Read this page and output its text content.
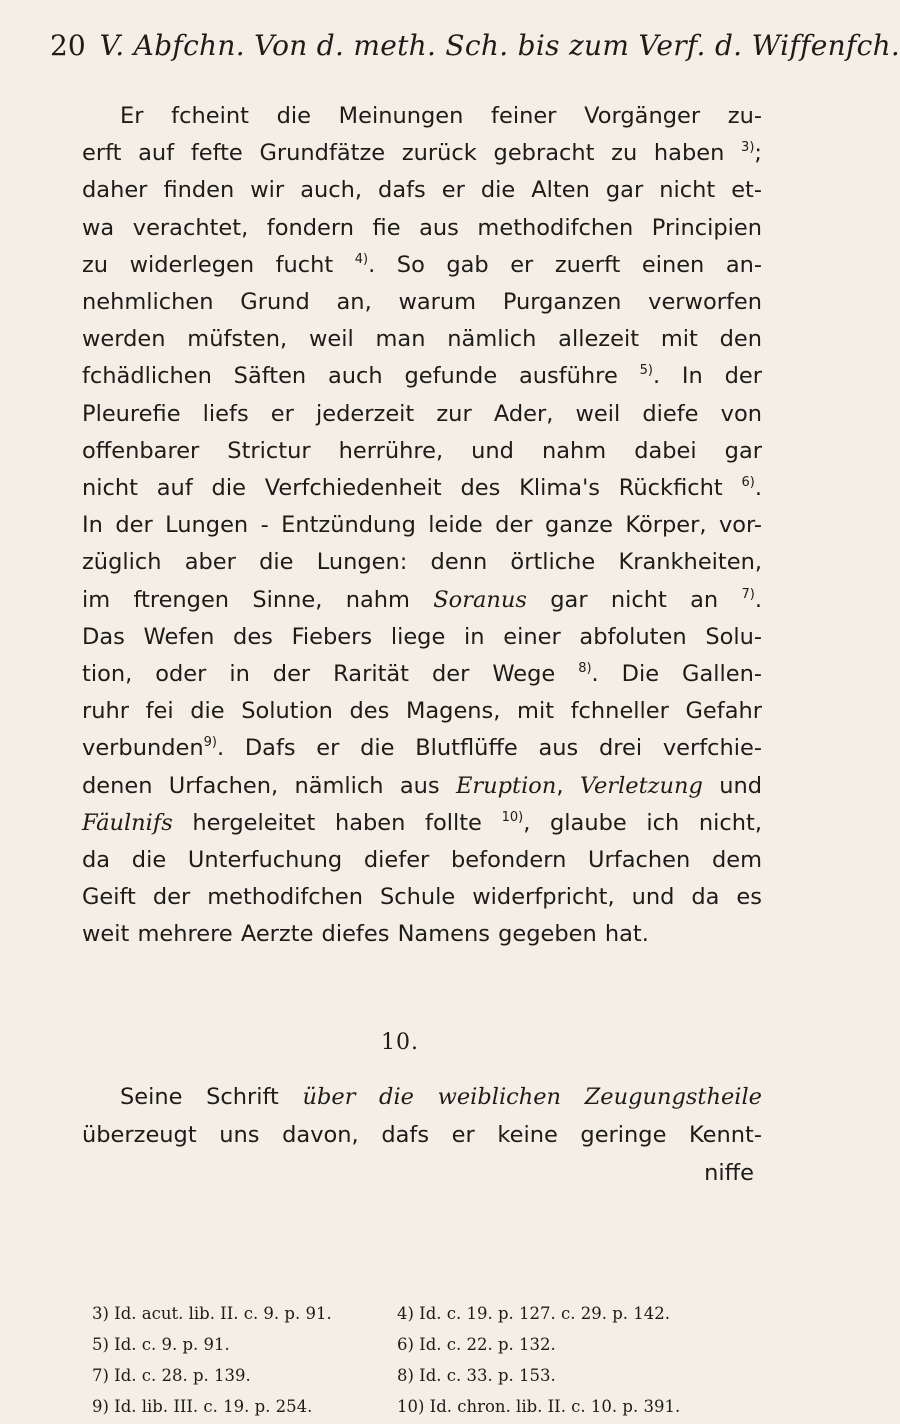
20 V. Abfchn. Von d. meth. Sch. bis zum Verf. d. Wiffenfch.
Er fcheint die Meinungen feiner Vorgänger zu-
erft auf fefte Grundfätze zurück gebracht zu haben $^{3)}$;
daher finden wir auch, dafs er die Alten gar nicht et-
wa verachtet, fondern fie aus methodifchen Principien
zu widerlegen fucht $^{4)}$. So gab er zuerft einen an-
nehmlichen Grund an, warum Purganzen verworfen
werden müfsten, weil man nämlich allezeit mit den
fchädlichen Säften auch gefunde ausführe $^{5)}$. In der
Pleurefie liefs er jederzeit zur Ader, weil diefe von
offenbarer Strictur herrühre, und nahm dabei gar
nicht auf die Verfchiedenheit des Klima's Rückficht $^{6)}$.
In der Lungen - Entzündung leide der ganze Körper, vor-
züglich aber die Lungen: denn örtliche Krankheiten,
im ftrengen Sinne, nahm Soranus gar nicht an $^{7)}$.
Das Wefen des Fiebers liege in einer abfoluten Solu-
tion, oder in der Rarität der Wege $^{8)}$. Die Gallen-
ruhr fei die Solution des Magens, mit fchneller Gefahr
verbunden$^{9)}$. Dafs er die Blutflüffe aus drei verfchie-
denen Urfachen, nämlich aus Eruption, Verletzung und
Fäulnifs hergeleitet haben follte $^{10)}$, glaube ich nicht,
da die Unterfuchung diefer befondern Urfachen dem
Geift der methodifchen Schule widerfpricht, und da es
weit mehrere Aerzte diefes Namens gegeben hat.
10.
Seine Schrift über die weiblichen Zeugungstheile
überzeugt uns davon, dafs er keine geringe Kennt-
niffe
3) Id. acut. lib. II. c. 9. p. 91.	4) Id. c. 19. p. 127. c. 29. p. 142.
5) Id. c. 9. p. 91.	6) Id. c. 22. p. 132.
7) Id. c. 28. p. 139.	8) Id. c. 33. p. 153.
9) Id. lib. III. c. 19. p. 254.	10) Id. chron. lib. II. c. 10. p. 391.
